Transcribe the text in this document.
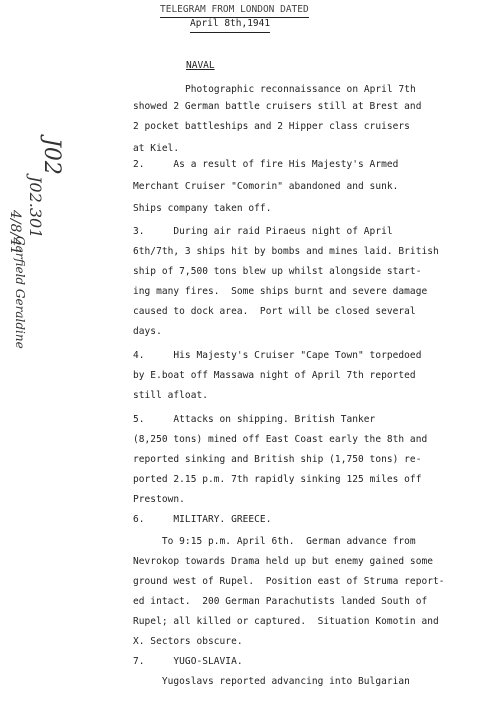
TELEGRAM FROM LONDON DATED

April 8th,1941

NAVAL
Photographic reconnaissance on April 7th
showed 2 German battle cruisers still at Brest and
2 pocket battleships and 2 Hipper class cruisers
at Kiel.
2.     As a result of fire His Majesty's Armed
Merchant Cruiser "Comorin" abandoned and sunk.
Ships company taken off.
3.     During air raid Piraeus night of April
6th/7th, 3 ships hit by bombs and mines laid. British
ship of 7,500 tons blew up whilst alongside start-
ing many fires.  Some ships burnt and severe damage
caused to dock area.  Port will be closed several
days.
4.     His Majesty's Cruiser "Cape Town" torpedoed
by E.boat off Massawa night of April 7th reported
still afloat.
5.     Attacks on shipping. British Tanker
(8,250 tons) mined off East Coast early the 8th and
reported sinking and British ship (1,750 tons) re-
ported 2.15 p.m. 7th rapidly sinking 125 miles off
Prestown.
6.     MILITARY. GREECE.
To 9:15 p.m. April 6th.  German advance from
Nevrokop towards Drama held up but enemy gained some
ground west of Rupel.  Position east of Struma report-
ed intact.  200 German Parachutists landed South of
Rupel; all killed or captured.  Situation Komotin and
X. Sectors obscure.
7.     YUGO-SLAVIA.
Yugoslavs reported advancing into Bulgarian
J02
J02.301
4/8/41
Garfield Geraldine
